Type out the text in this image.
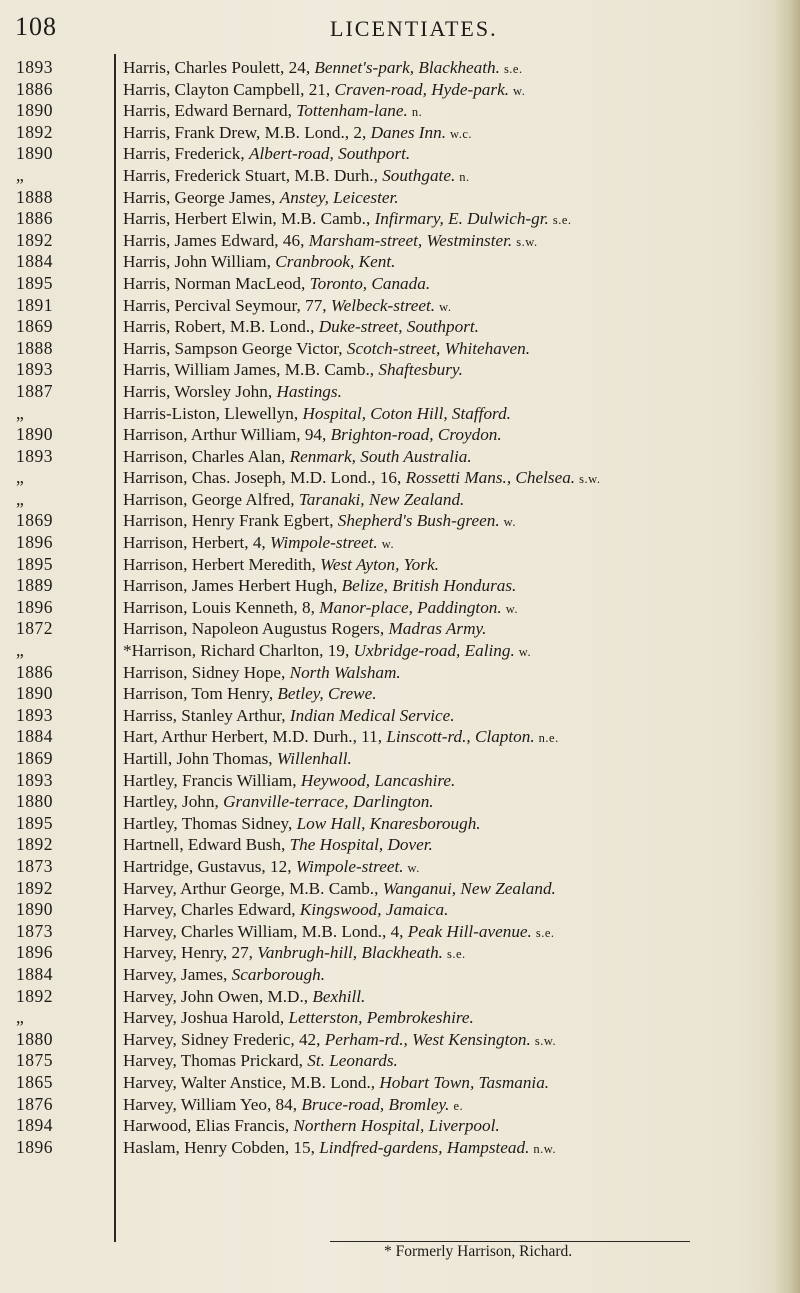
108	LICENTIATES.
1893	Harris, Charles Poulett, 24, Bennet's-park, Blackheath. s.e.
1886	Harris, Clayton Campbell, 21, Craven-road, Hyde-park. w.
1890	Harris, Edward Bernard, Tottenham-lane. n.
1892	Harris, Frank Drew, M.B. Lond., 2, Danes Inn. w.c.
1890	Harris, Frederick, Albert-road, Southport.
„	Harris, Frederick Stuart, M.B. Durh., Southgate. n.
1888	Harris, George James, Anstey, Leicester.
1886	Harris, Herbert Elwin, M.B. Camb., Infirmary, E. Dulwich-gr. s.e.
1892	Harris, James Edward, 46, Marsham-street, Westminster. s.w.
1884	Harris, John William, Cranbrook, Kent.
1895	Harris, Norman MacLeod, Toronto, Canada.
1891	Harris, Percival Seymour, 77, Welbeck-street. w.
1869	Harris, Robert, M.B. Lond., Duke-street, Southport.
1888	Harris, Sampson George Victor, Scotch-street, Whitehaven.
1893	Harris, William James, M.B. Camb., Shaftesbury.
1887	Harris, Worsley John, Hastings.
„	Harris-Liston, Llewellyn, Hospital, Coton Hill, Stafford.
1890	Harrison, Arthur William, 94, Brighton-road, Croydon.
1893	Harrison, Charles Alan, Renmark, South Australia.
„	Harrison, Chas. Joseph, M.D. Lond., 16, Rossetti Mans., Chelsea. s.w.
„	Harrison, George Alfred, Taranaki, New Zealand.
1869	Harrison, Henry Frank Egbert, Shepherd's Bush-green. w.
1896	Harrison, Herbert, 4, Wimpole-street. w.
1895	Harrison, Herbert Meredith, West Ayton, York.
1889	Harrison, James Herbert Hugh, Belize, British Honduras.
1896	Harrison, Louis Kenneth, 8, Manor-place, Paddington. w.
1872	Harrison, Napoleon Augustus Rogers, Madras Army.
„	*Harrison, Richard Charlton, 19, Uxbridge-road, Ealing. w.
1886	Harrison, Sidney Hope, North Walsham.
1890	Harrison, Tom Henry, Betley, Crewe.
1893	Harriss, Stanley Arthur, Indian Medical Service.
1884	Hart, Arthur Herbert, M.D. Durh., 11, Linscott-rd., Clapton. n.e.
1869	Hartill, John Thomas, Willenhall.
1893	Hartley, Francis William, Heywood, Lancashire.
1880	Hartley, John, Granville-terrace, Darlington.
1895	Hartley, Thomas Sidney, Low Hall, Knaresborough.
1892	Hartnell, Edward Bush, The Hospital, Dover.
1873	Hartridge, Gustavus, 12, Wimpole-street. w.
1892	Harvey, Arthur George, M.B. Camb., Wanganui, New Zealand.
1890	Harvey, Charles Edward, Kingswood, Jamaica.
1873	Harvey, Charles William, M.B. Lond., 4, Peak Hill-avenue. s.e.
1896	Harvey, Henry, 27, Vanbrugh-hill, Blackheath. s.e.
1884	Harvey, James, Scarborough.
1892	Harvey, John Owen, M.D., Bexhill.
„	Harvey, Joshua Harold, Letterston, Pembrokeshire.
1880	Harvey, Sidney Frederic, 42, Perham-rd., West Kensington. s.w.
1875	Harvey, Thomas Prickard, St. Leonards.
1865	Harvey, Walter Anstice, M.B. Lond., Hobart Town, Tasmania.
1876	Harvey, William Yeo, 84, Bruce-road, Bromley. e.
1894	Harwood, Elias Francis, Northern Hospital, Liverpool.
1896	Haslam, Henry Cobden, 15, Lindfred-gardens, Hampstead. n.w.
* Formerly Harrison, Richard.
